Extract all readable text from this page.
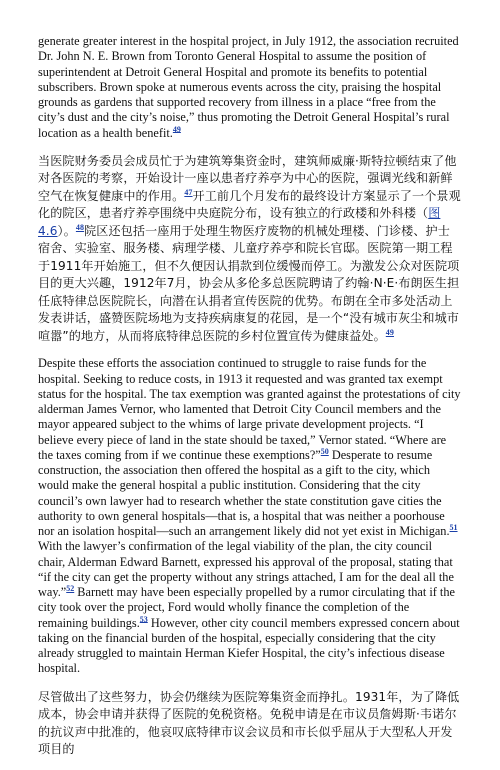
generate greater interest in the hospital project, in July 1912, the association recruited Dr. John N. E. Brown from Toronto General Hospital to assume the position of superintendent at Detroit General Hospital and promote its benefits to potential subscribers. Brown spoke at numerous events across the city, praising the hospital grounds as gardens that supported recovery from illness in a place “free from the city’s dust and the city’s noise,” thus promoting the Detroit General Hospital’s rural location as a health benefit.$^{49}$

当医院财务委员会成员忙于为建筑筹集资金时，建筑师威廉·斯特拉顿结束了他对各医院的考察，开始设计一座以患者疗养亭为中心的医院，强调光线和新鲜空气在恢复健康中的作用。$^{47}$开工前几个月发布的最终设计方案显示了一个景观化的院区，患者疗养亭围绕中央庭院分布，设有独立的行政楼和外科楼（图4.6）。$^{48}$院区还包括一座用于处理生物医疗废物的机械处理楼、门诊楼、护士宿舍、实验室、服务楼、病理学楼、儿童疗养亭和院长官邸。医院第一期工程于1911年开始施工，但不久便因认捐款到位缓慢而停工。为激发公众对医院项目的更大兴趣，1912年7月，协会从多伦多总医院聘请了约翰·N·E·布朗医生担任底特律总医院院长，向潜在认捐者宣传医院的优势。布朗在全市多处活动上发表讲话，盛赞医院场地为支持疾病康复的花园，是一个“没有城市灰尘和城市喧嚣”的地方，从而将底特律总医院的乡村位置宣传为健康益处。$^{49}$

Despite these efforts the association continued to struggle to raise funds for the hospital. Seeking to reduce costs, in 1913 it requested and was granted tax exempt status for the hospital. The tax exemption was granted against the protestations of city alderman James Vernor, who lamented that Detroit City Council members and the mayor appeared subject to the whims of large private development projects. “I believe every piece of land in the state should be taxed,” Vernor stated. “Where are the taxes coming from if we continue these exemptions?”$^{50}$ Desperate to resume construction, the association then offered the hospital as a gift to the city, which would make the general hospital a public institution. Considering that the city council’s own lawyer had to research whether the state constitution gave cities the authority to own general hospitals—that is, a hospital that was neither a poorhouse nor an isolation hospital—such an arrangement likely did not yet exist in Michigan.$^{51}$ With the lawyer’s confirmation of the legal viability of the plan, the city council chair, Alderman Edward Barnett, expressed his approval of the proposal, stating that “if the city can get the property without any strings attached, I am for the deal all the way.”$^{52}$ Barnett may have been especially propelled by a rumor circulating that if the city took over the project, Ford would wholly finance the completion of the remaining buildings.$^{53}$ However, other city council members expressed concern about taking on the financial burden of the hospital, especially considering that the city already struggled to maintain Herman Kiefer Hospital, the city’s infectious disease hospital.

尽管做出了这些努力，协会仍继续为医院筹集资金而挣扎。1931年，为了降低成本，协会申请并获得了医院的免税资格。免税申请是在市议员詹姆斯·韦诺尔的抗议声中批准的，他哀叹底特律市议会议员和市长似乎屈从于大型私人开发项目的
